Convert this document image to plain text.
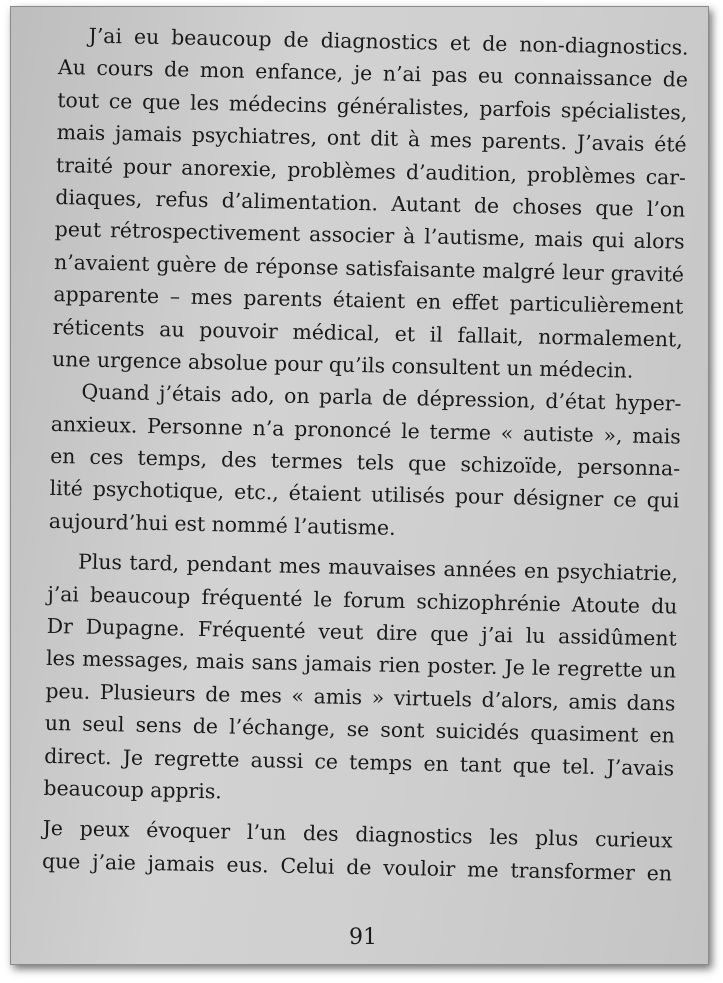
J’ai eu beaucoup de diagnostics et de non-diagnostics.
Au cours de mon enfance, je n’ai pas eu connaissance de
tout ce que les médecins généralistes, parfois spécialistes,
mais jamais psychiatres, ont dit à mes parents. J’avais été
traité pour anorexie, problèmes d’audition, problèmes car-
diaques, refus d’alimentation. Autant de choses que l’on
peut rétrospectivement associer à l’autisme, mais qui alors
n’avaient guère de réponse satisfaisante malgré leur gravité
apparente – mes parents étaient en effet particulièrement
réticents au pouvoir médical, et il fallait, normalement,
une urgence absolue pour qu’ils consultent un médecin.
Quand j’étais ado, on parla de dépression, d’état hyper-
anxieux. Personne n’a prononcé le terme « autiste », mais
en ces temps, des termes tels que schizoïde, personna-
lité psychotique, etc., étaient utilisés pour désigner ce qui
aujourd’hui est nommé l’autisme.
Plus tard, pendant mes mauvaises années en psychiatrie,
j’ai beaucoup fréquenté le forum schizophrénie Atoute du
Dr Dupagne. Fréquenté veut dire que j’ai lu assidûment
les messages, mais sans jamais rien poster. Je le regrette un
peu. Plusieurs de mes « amis » virtuels d’alors, amis dans
un seul sens de l’échange, se sont suicidés quasiment en
direct. Je regrette aussi ce temps en tant que tel. J’avais
beaucoup appris.
Je peux évoquer l’un des diagnostics les plus curieux
que j’aie jamais eus. Celui de vouloir me transformer en
91
